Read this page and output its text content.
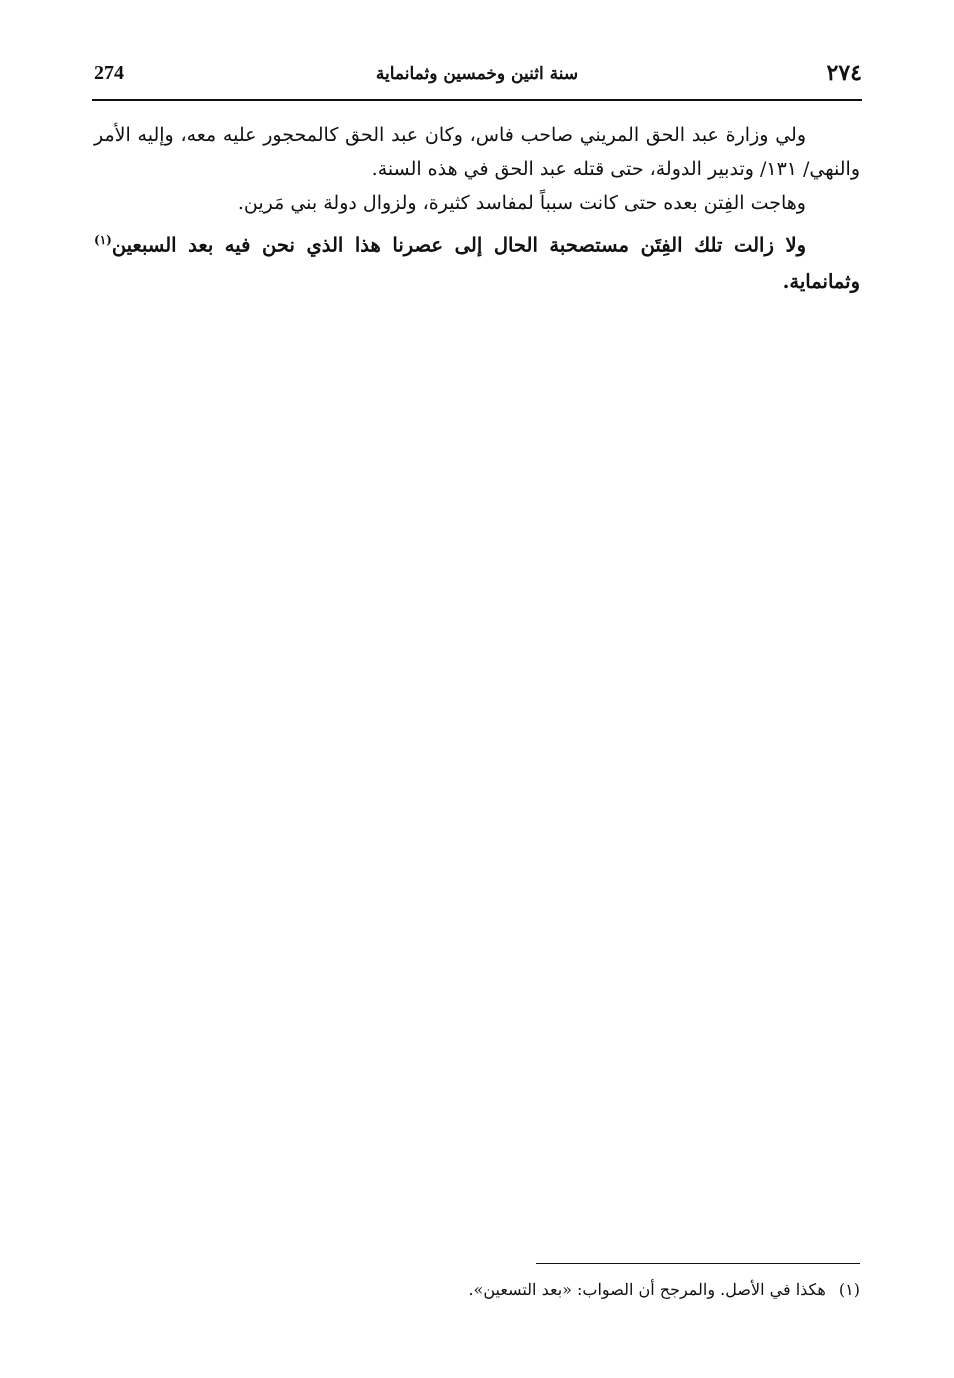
274	سنة اثنين وخمسين وثمانماية	٢٧٤

ولي وزارة عبد الحق المريني صاحب فاس، وكان عبد الحق كالمحجور عليه معه، وإليه الأمر والنهي/ ١٣١/ وتدبير الدولة، حتى قتله عبد الحق في هذه السنة.

وهاجت الفِتن بعده حتى كانت سبباً لمفاسد كثيرة، ولزوال دولة بني مَرين.

ولا زالت تلك الفِتَن مستصحبة الحال إلى عصرنا هذا الذي نحن فيه بعد السبعين$^{(١)}$ وثمانماية.

(١) هكذا في الأصل. والمرجح أن الصواب: «بعد التسعين».
